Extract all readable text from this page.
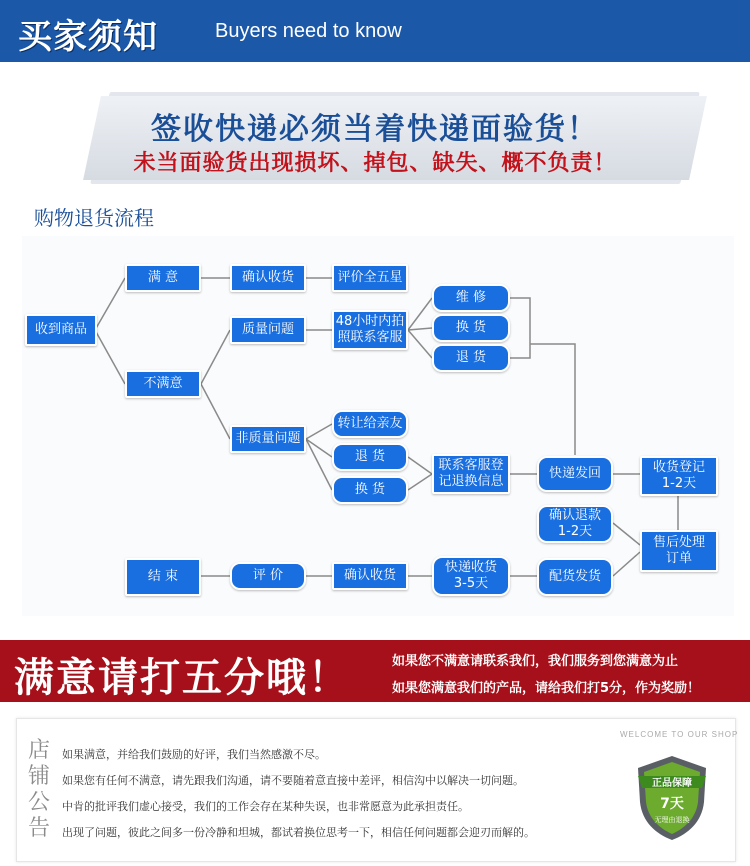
买家须知	Buyers need to know
签收快递必须当着快递面验货！
未当面验货出现损坏、掉包、缺失、概不负责！
购物退货流程
收到商品
满 意	确认收货	评价全五星
不满意
质量问题
48小时内拍
照联系客服
维 修
换 货
退 货
非质量问题
转让给亲友
退 货
换 货
联系客服登
记退换信息
快递发回	收货登记
1-2天
确认退款
1-2天
售后处理
订单
配货发货
快递收货
3-5天
确认收货
评 价
结 束
满意请打五分哦！	如果您不满意请联系我们，我们服务到您满意为止
如果您满意我们的产品，请给我们打5分，作为奖励！
店铺公告
WELCOME TO OUR SHOP
如果满意，并给我们鼓励的好评，我们当然感激不尽。
如果您有任何不满意，请先跟我们沟通，请不要随着意直接中差评，相信沟中以解决一切问题。
中肯的批评我们虚心接受，我们的工作会存在某种失误，也非常愿意为此承担责任。
出现了问题，彼此之间多一份冷静和坦城，都试着换位思考一下，相信任何问题都会迎刃而解的。
正品保障
7天
无理由退换
